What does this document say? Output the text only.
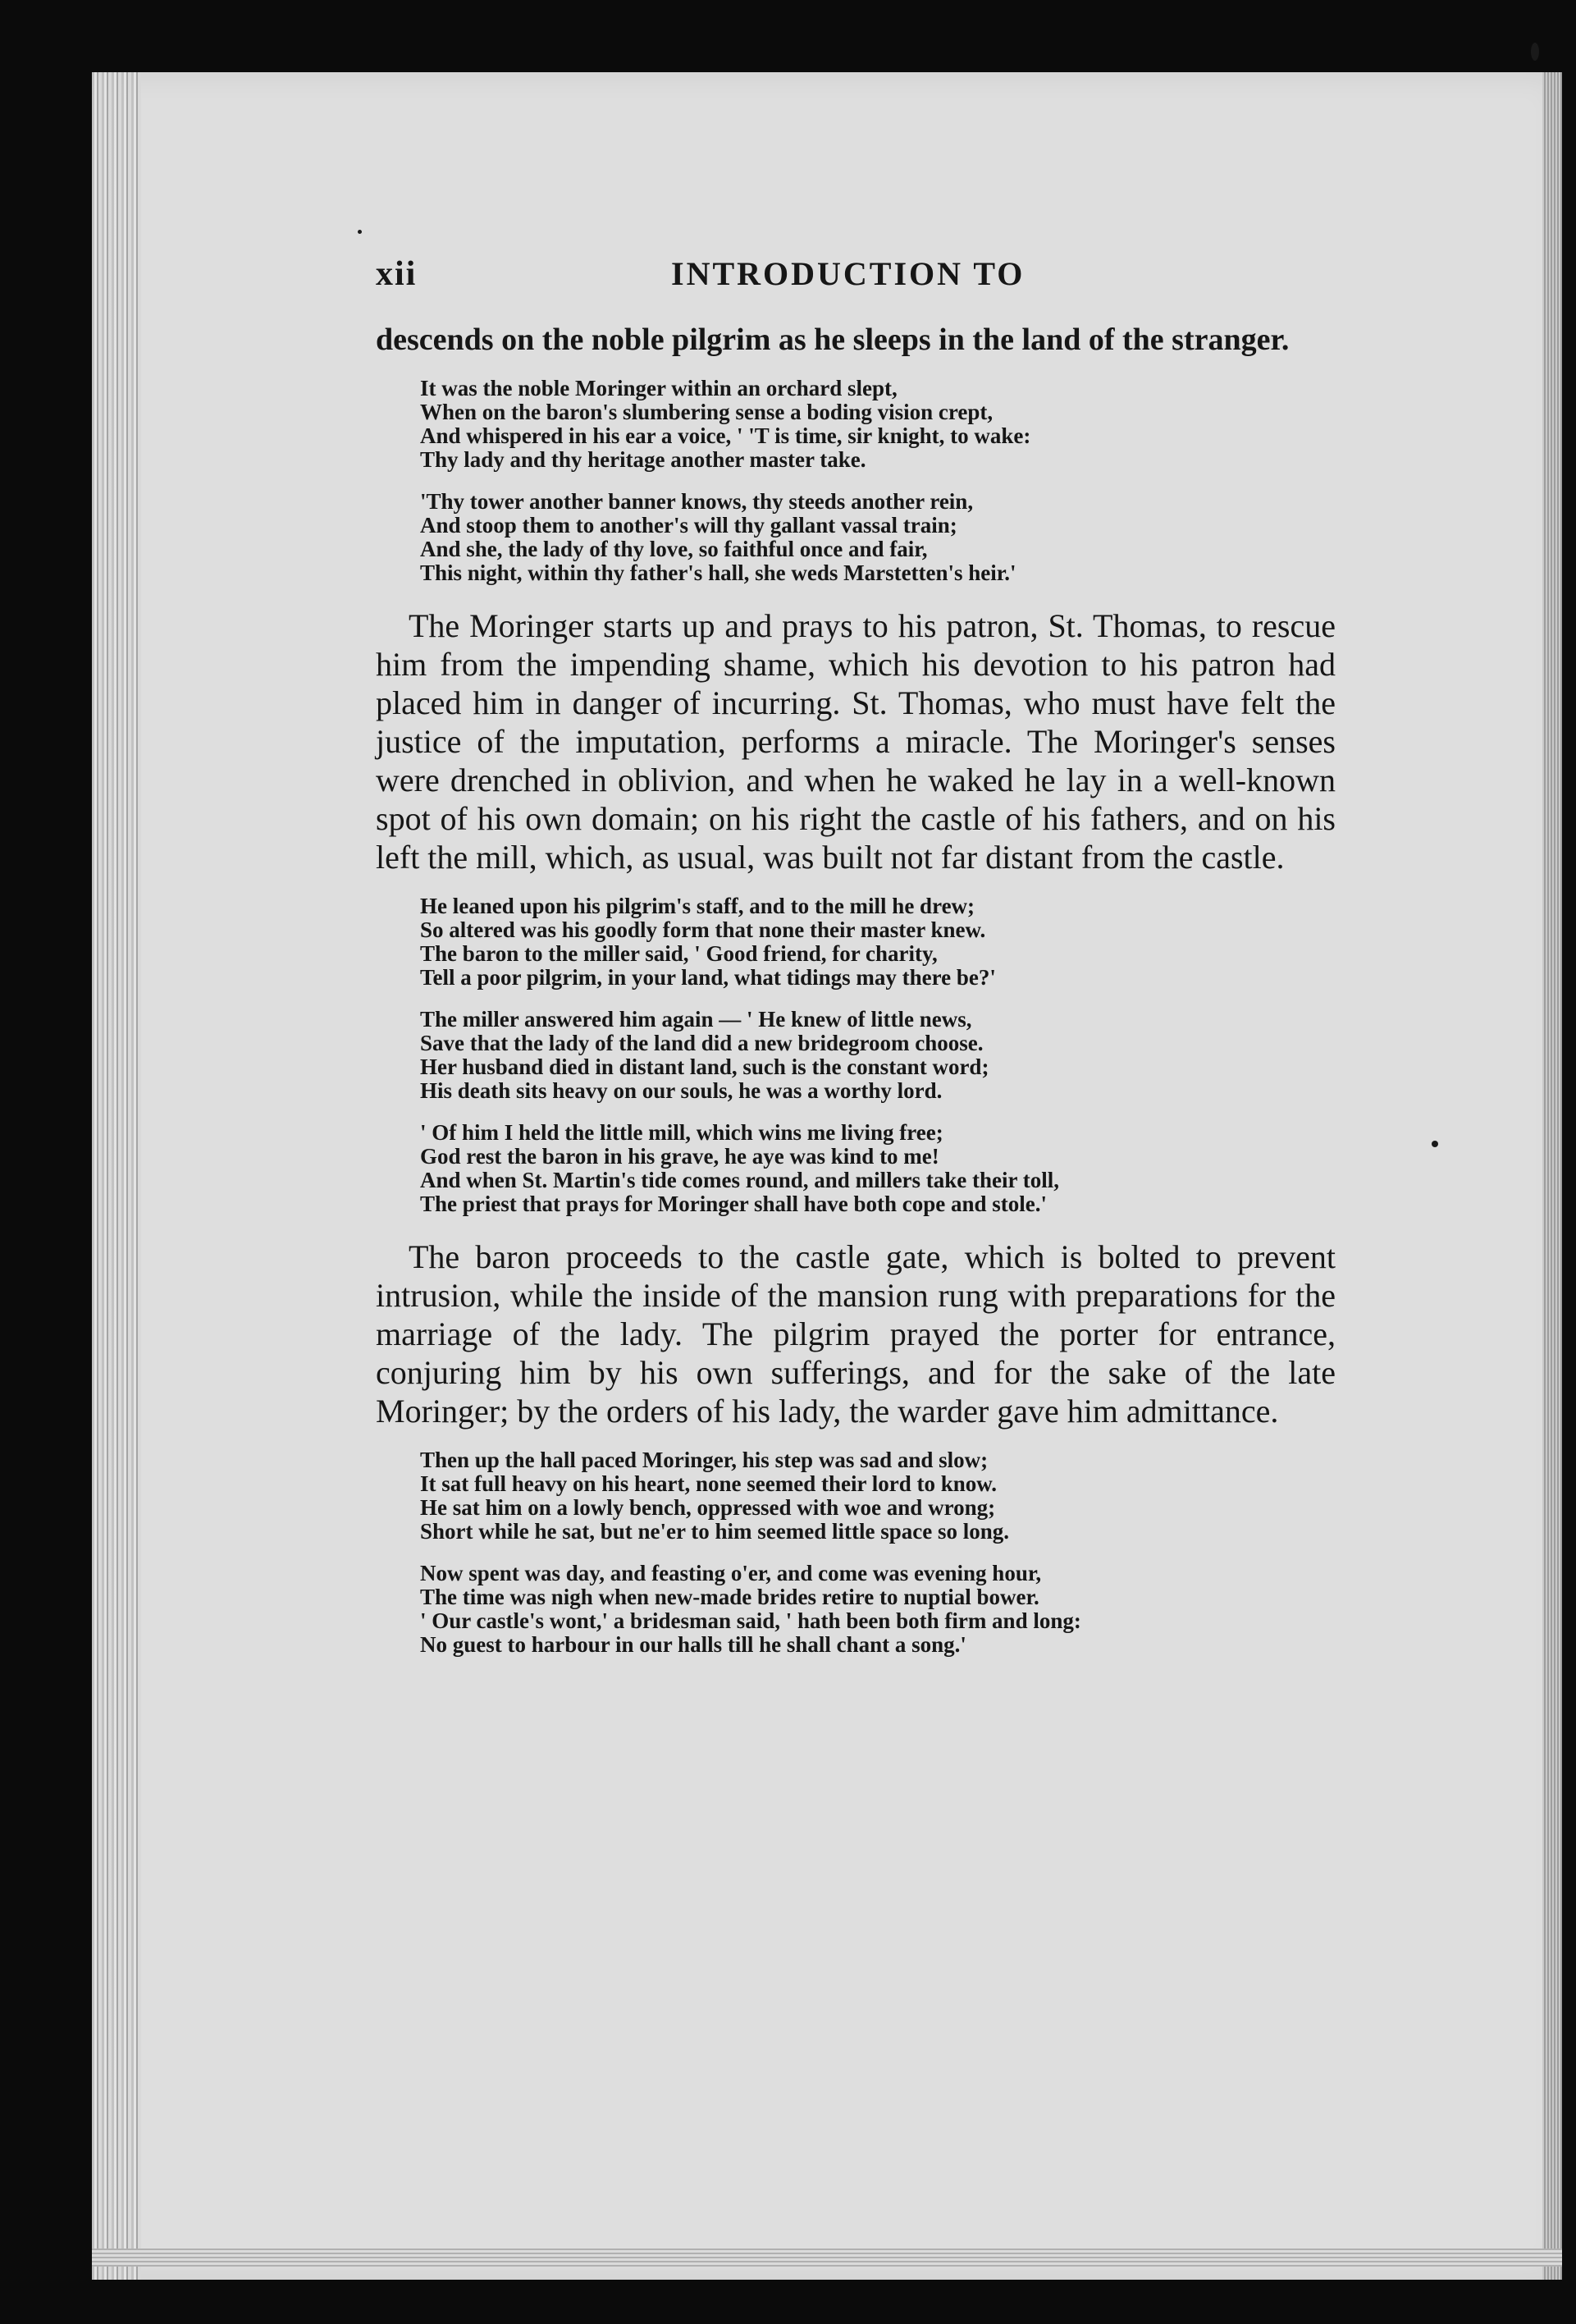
xii	INTRODUCTION TO

descends on the noble pilgrim as he sleeps in the land of the stranger.

It was the noble Moringer within an orchard slept,
When on the baron's slumbering sense a boding vision crept,
And whispered in his ear a voice, ' 'T is time, sir knight, to wake:
Thy lady and thy heritage another master take.
'Thy tower another banner knows, thy steeds another rein,
And stoop them to another's will thy gallant vassal train;
And she, the lady of thy love, so faithful once and fair,
This night, within thy father's hall, she weds Marstetten's heir.'

The Moringer starts up and prays to his patron, St. Thomas, to rescue him from the impending shame, which his devotion to his patron had placed him in danger of incurring. St. Thomas, who must have felt the justice of the imputation, performs a miracle. The Moringer's senses were drenched in oblivion, and when he waked he lay in a well-known spot of his own domain; on his right the castle of his fathers, and on his left the mill, which, as usual, was built not far distant from the castle.

He leaned upon his pilgrim's staff, and to the mill he drew;
So altered was his goodly form that none their master knew.
The baron to the miller said, ' Good friend, for charity,
Tell a poor pilgrim, in your land, what tidings may there be?'
The miller answered him again — ' He knew of little news,
Save that the lady of the land did a new bridegroom choose.
Her husband died in distant land, such is the constant word;
His death sits heavy on our souls, he was a worthy lord.
' Of him I held the little mill, which wins me living free;
God rest the baron in his grave, he aye was kind to me!
And when St. Martin's tide comes round, and millers take their toll,
The priest that prays for Moringer shall have both cope and stole.'

The baron proceeds to the castle gate, which is bolted to prevent intrusion, while the inside of the mansion rung with preparations for the marriage of the lady. The pilgrim prayed the porter for entrance, conjuring him by his own sufferings, and for the sake of the late Moringer; by the orders of his lady, the warder gave him admittance.

Then up the hall paced Moringer, his step was sad and slow;
It sat full heavy on his heart, none seemed their lord to know.
He sat him on a lowly bench, oppressed with woe and wrong;
Short while he sat, but ne'er to him seemed little space so long.
Now spent was day, and feasting o'er, and come was evening hour,
The time was nigh when new-made brides retire to nuptial bower.
' Our castle's wont,' a bridesman said, ' hath been both firm and long:
No guest to harbour in our halls till he shall chant a song.'
